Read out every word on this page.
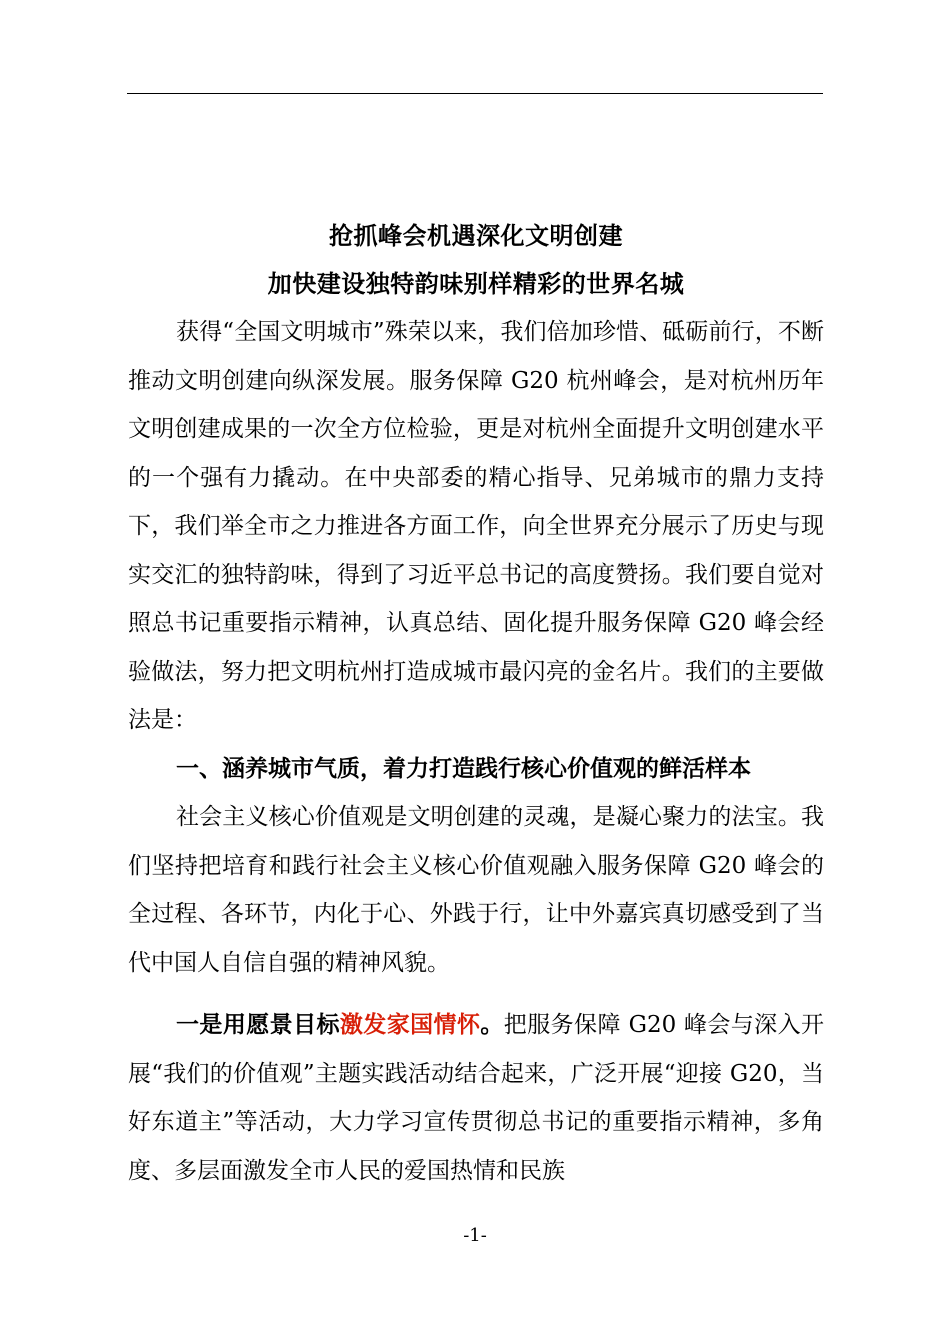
抢抓峰会机遇深化文明创建

加快建设独特韵味别样精彩的世界名城

获得“全国文明城市”殊荣以来，我们倍加珍惜、砥砺前行，不断推动文明创建向纵深发展。服务保障 G20 杭州峰会，是对杭州历年文明创建成果的一次全方位检验，更是对杭州全面提升文明创建水平的一个强有力撬动。在中央部委的精心指导、兄弟城市的鼎力支持下，我们举全市之力推进各方面工作，向全世界充分展示了历史与现实交汇的独特韵味，得到了习近平总书记的高度赞扬。我们要自觉对照总书记重要指示精神，认真总结、固化提升服务保障 G20 峰会经验做法，努力把文明杭州打造成城市最闪亮的金名片。我们的主要做法是：

一、涵养城市气质，着力打造践行核心价值观的鲜活样本

社会主义核心价值观是文明创建的灵魂，是凝心聚力的法宝。我们坚持把培育和践行社会主义核心价值观融入服务保障 G20 峰会的全过程、各环节，内化于心、外践于行，让中外嘉宾真切感受到了当代中国人自信自强的精神风貌。

一是用愿景目标激发家国情怀。把服务保障 G20 峰会与深入开展“我们的价值观”主题实践活动结合起来，广泛开展“迎接 G20，当好东道主”等活动，大力学习宣传贯彻总书记的重要指示精神，多角度、多层面激发全市人民的爱国热情和民族

-1-
